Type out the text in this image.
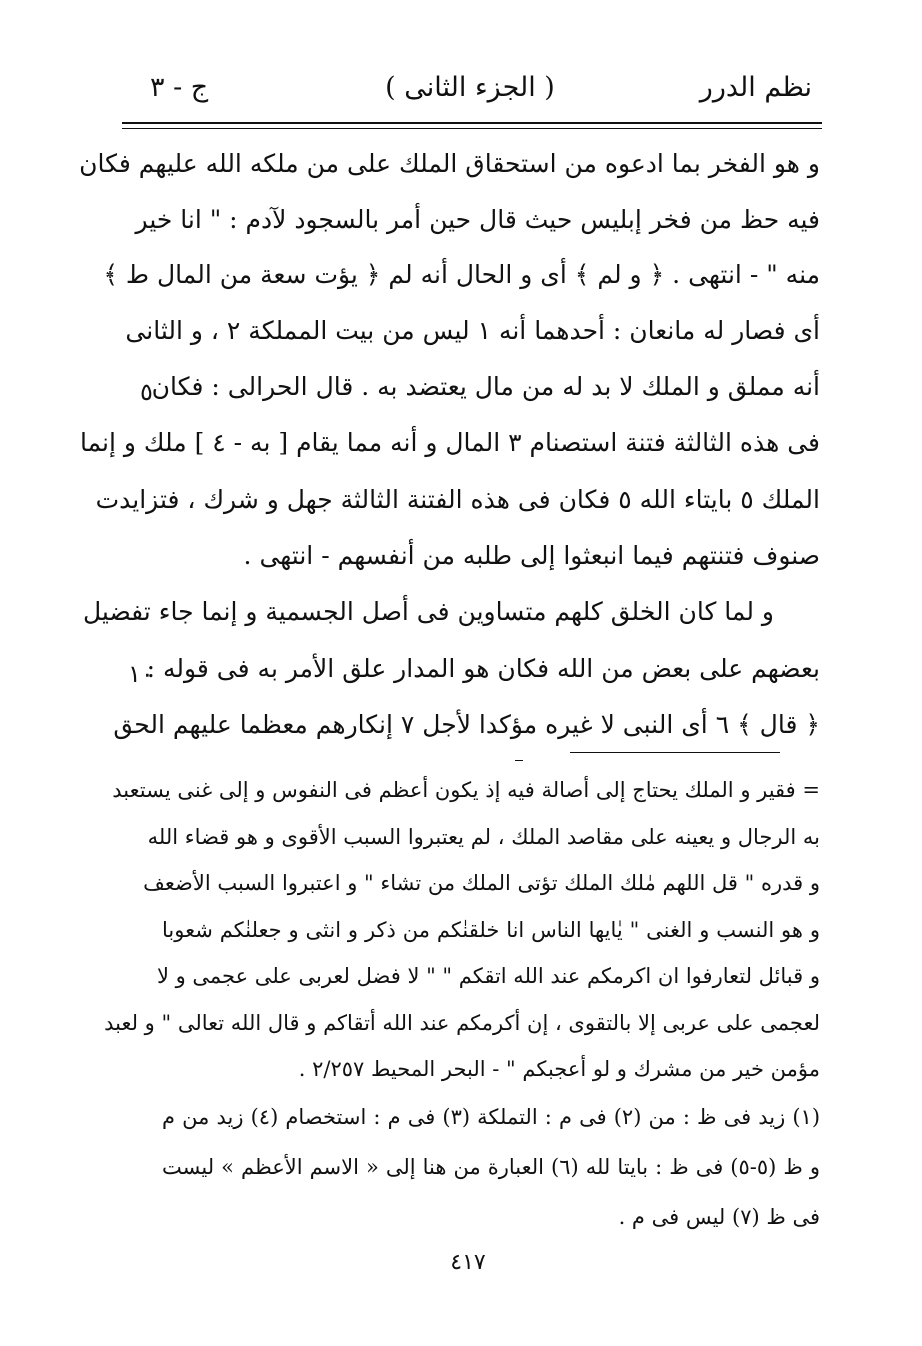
نظم الدرر
( الجزء الثانى )
ج - ٣
و هو الفخر بما ادعوه من استحقاق الملك على من ملكه الله عليهم فكان
فيه حظ من فخر إبليس حيث قال حين أمر بالسجود لآدم : " انا خير
منه " - انتهى . ﴿ و لم ﴾ أى و الحال أنه لم ﴿ يؤت سعة من المال ط ﴾
أى فصار له مانعان : أحدهما أنه ١ ليس من بيت المملكة ٢ ، و الثانى
أنه مملق و الملك لا بد له من مال يعتضد به . قال الحرالى : فكان
فى هذه الثالثة فتنة استصنام ٣ المال و أنه مما يقام [ به - ٤ ] ملك و إنما
الملك ٥ بايتاء الله ٥ فكان فى هذه الفتنة الثالثة جهل و شرك ، فتزايدت
صنوف فتنتهم فيما انبعثوا إلى طلبه من أنفسهم - انتهى .
و لما كان الخلق كلهم متساوين فى أصل الجسمية و إنما جاء تفضيل
بعضهم على بعض من الله فكان هو المدار علق الأمر به فى قوله :
﴿ قال ﴾ ٦ أى النبى لا غيره مؤكدا لأجل ٧ إنكارهم معظما عليهم الحق
٥
١٠
= فقير و الملك يحتاج إلى أصالة فيه إذ يكون أعظم فى النفوس و إلى غنى يستعبد
به الرجال و يعينه على مقاصد الملك ، لم يعتبروا السبب الأقوى و هو قضاء الله
و قدره " قل اللهم مٰلك الملك تؤتى الملك من تشاء " و اعتبروا السبب الأضعف
و هو النسب و الغنى " يٰايها الناس انا خلقنٰكم من ذكر و انثى و جعلنٰكم شعوبا
و قبائل لتعارفوا ان اكرمكم عند الله اتقكم " " لا فضل لعربى على عجمى و لا
لعجمى على عربى إلا بالتقوى ، إن أكرمكم عند الله أتقاكم و قال الله تعالى " و لعبد
مؤمن خير من مشرك و لو أعجبكم " - البحر المحيط ٢/٢٥٧ .
(١) زيد فى ظ : من (٢) فى م : التملكة (٣) فى م : استخصام (٤) زيد من م
و ظ (٥-٥) فى ظ : بايتا لله (٦) العبارة من هنا إلى « الاسم الأعظم » ليست
فى ظ (٧) ليس فى م .
٤١٧
